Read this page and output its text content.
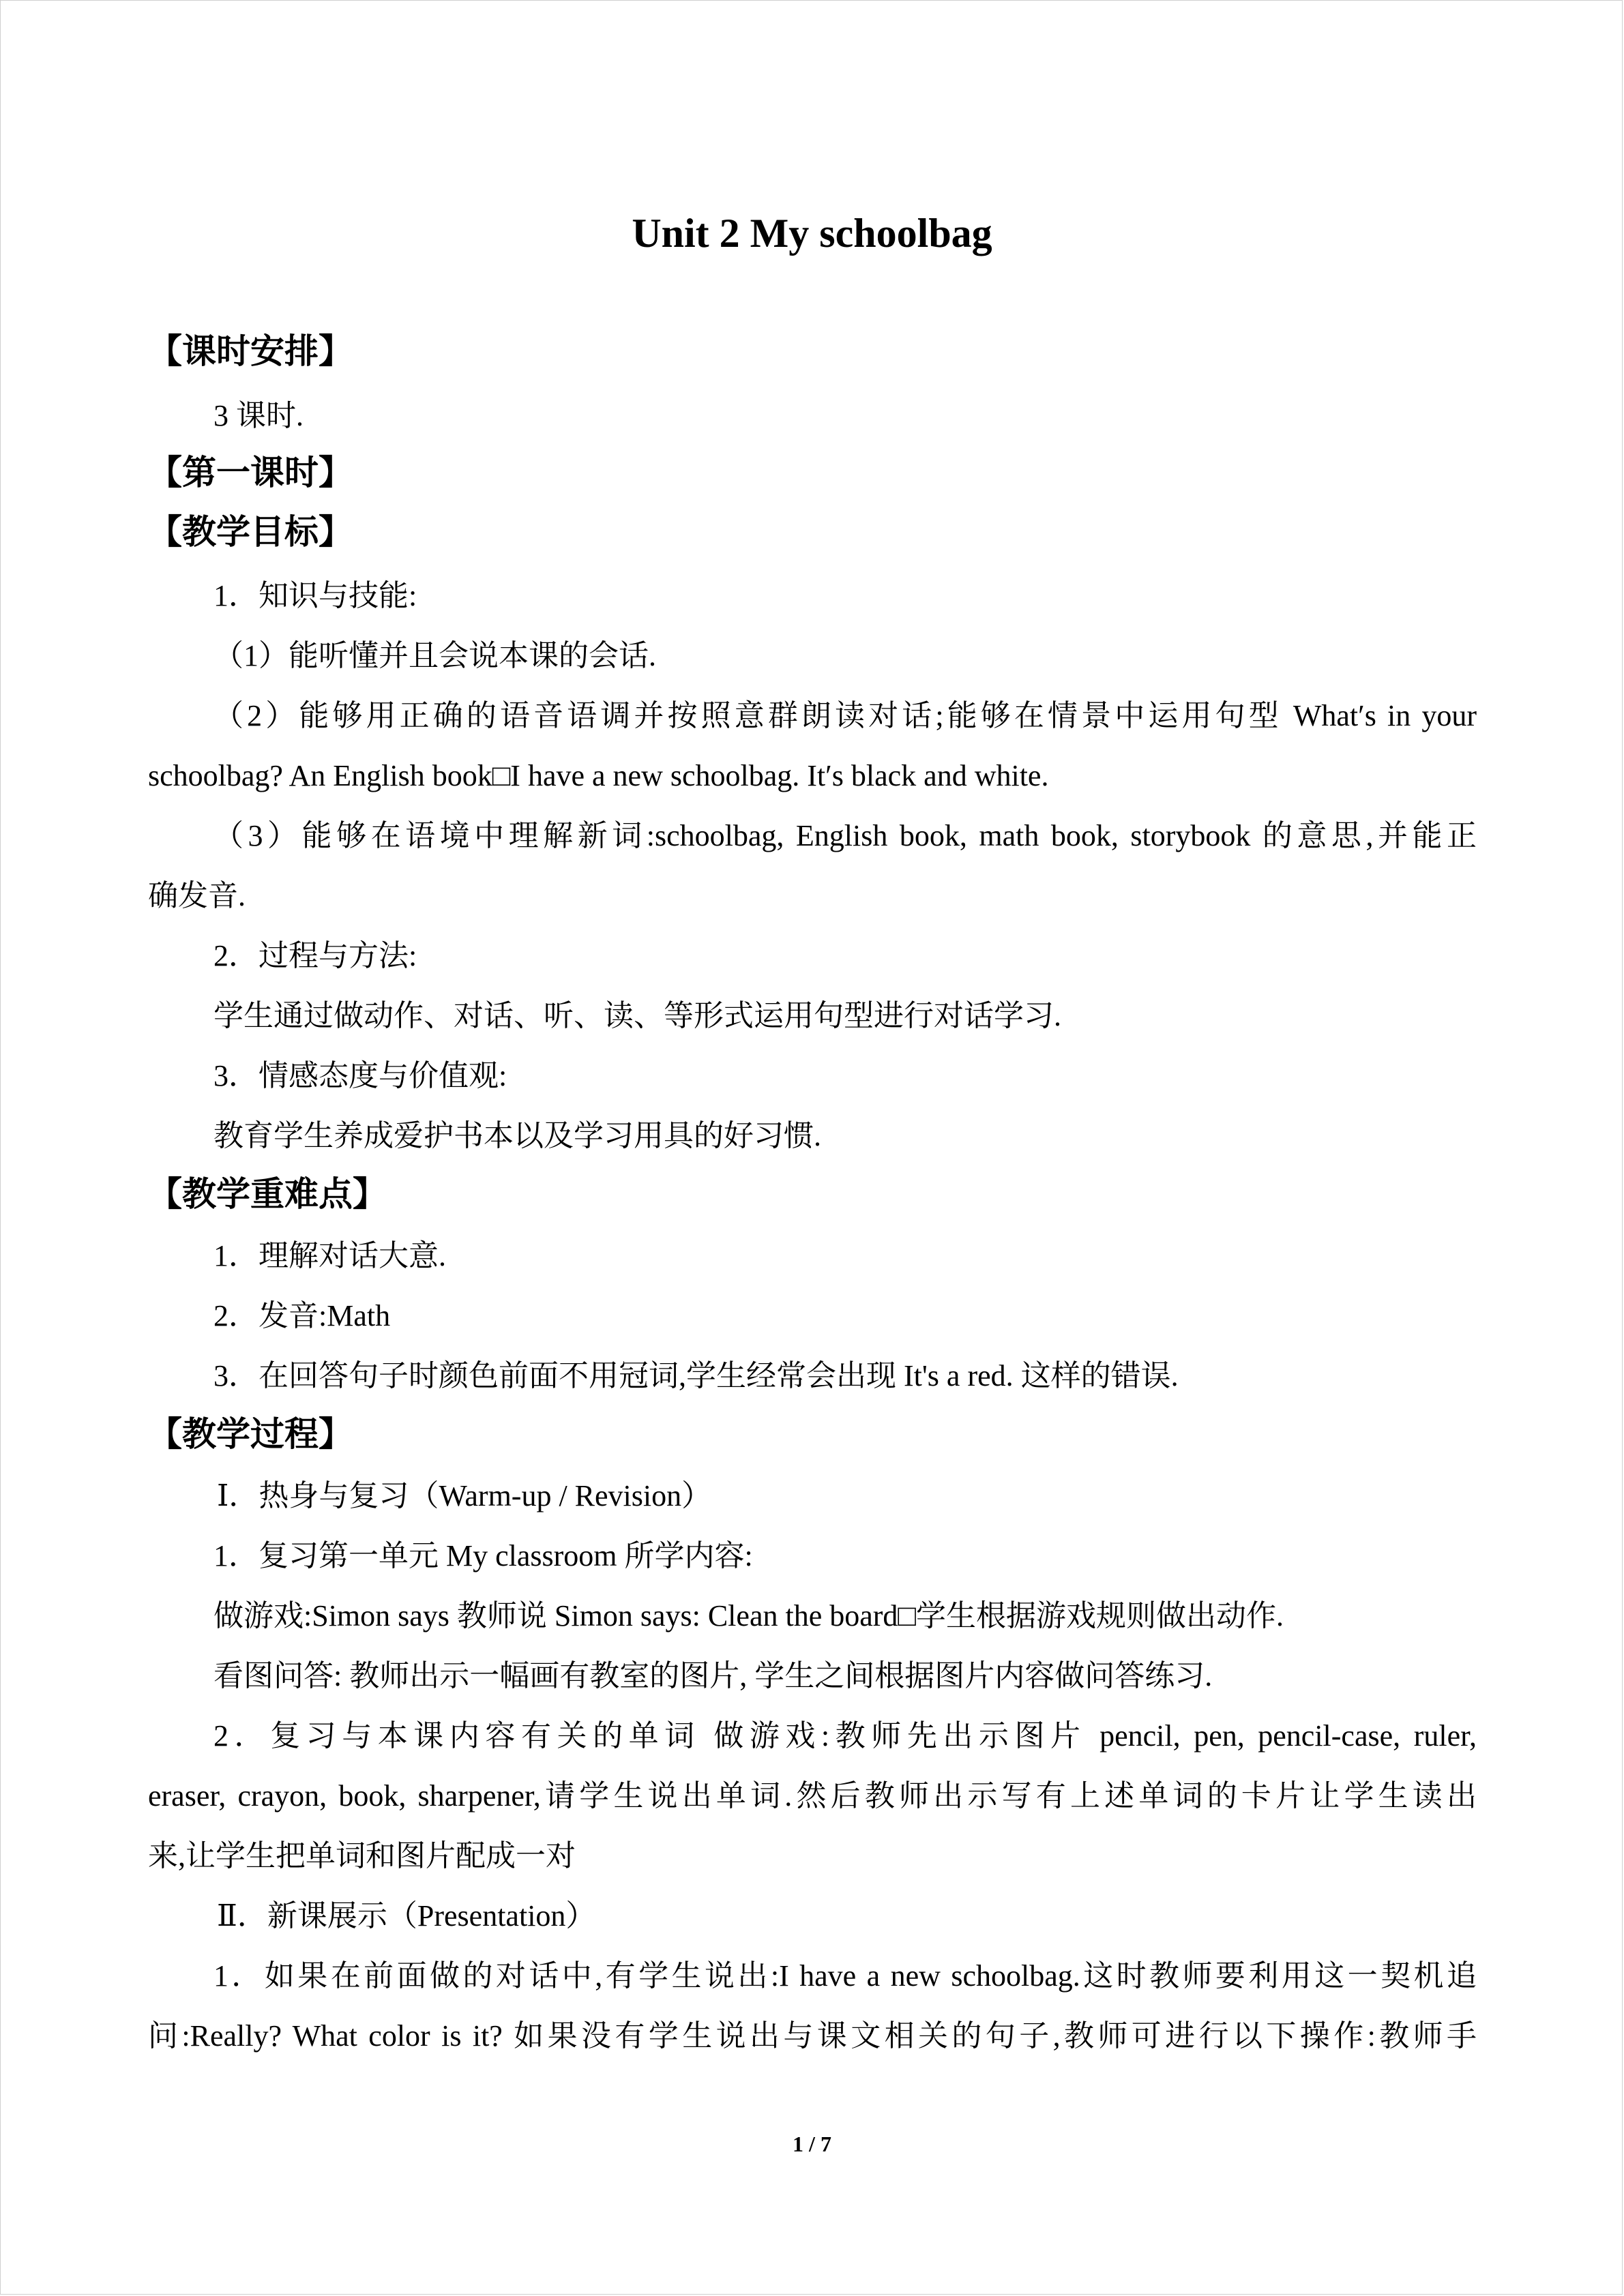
Unit 2 My schoolbag
【课时安排】
3 课时.
【第一课时】
【教学目标】
1．知识与技能:
（1）能听懂并且会说本课的会话.
（2）能够用正确的语音语调并按照意群朗读对话;能够在情景中运用句型 What′s in your
schoolbag? An English book□I have a new schoolbag. It′s black and white.
（3）能够在语境中理解新词:schoolbag, English book, math book, storybook 的意思,并能正
确发音.
2．过程与方法:
学生通过做动作、对话、听、读、等形式运用句型进行对话学习.
3．情感态度与价值观:
教育学生养成爱护书本以及学习用具的好习惯.
【教学重难点】
1．理解对话大意.
2．发音:Math
3．在回答句子时颜色前面不用冠词,学生经常会出现 It's a red. 这样的错误.
【教学过程】
Ⅰ．热身与复习（Warm-up / Revision）
1．复习第一单元 My classroom 所学内容:
做游戏:Simon says 教师说 Simon says: Clean the board□学生根据游戏规则做出动作.
看图问答: 教师出示一幅画有教室的图片, 学生之间根据图片内容做问答练习.
2．复习与本课内容有关的单词 做游戏:教师先出示图片 pencil, pen, pencil-case, ruler,
eraser, crayon, book, sharpener,请学生说出单词.然后教师出示写有上述单词的卡片让学生读出
来,让学生把单词和图片配成一对
Ⅱ．新课展示（Presentation）
1．如果在前面做的对话中,有学生说出:I have a new schoolbag.这时教师要利用这一契机追
问:Really? What color is it? 如果没有学生说出与课文相关的句子,教师可进行以下操作:教师手
1 / 7
